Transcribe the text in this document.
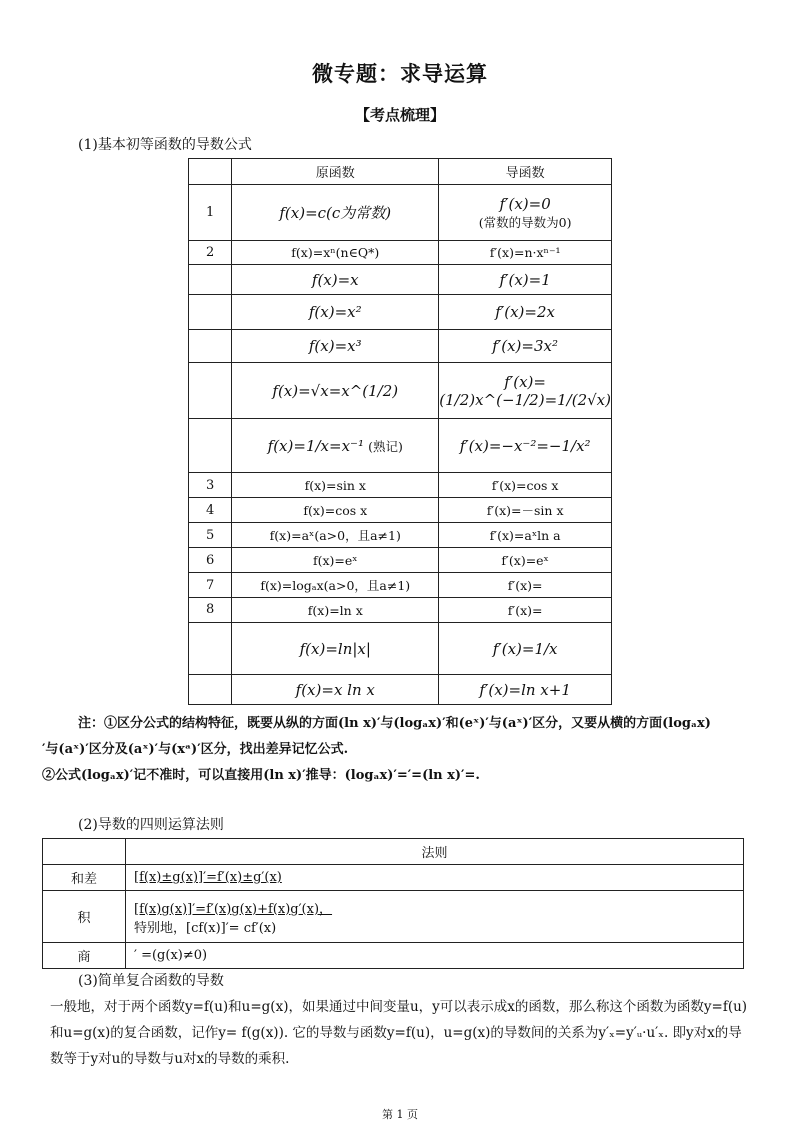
微专题：求导运算
【考点梳理】
(1)基本初等函数的导数公式
	原函数	导函数
1	f(x)=c(c为常数)	f′(x)=0
(常数的导数为0)

2	f(x)=xⁿ(n∈Q*)	f′(x)=n·xⁿ⁻¹
	f(x)=x	f′(x)=1
	f(x)=x²	f′(x)=2x
	f(x)=x³	f′(x)=3x²
	f(x)=√x=x^(1/2)	f′(x)=(1/2)x^(−1/2)=1/(2√x)
	f(x)=1/x=x⁻¹ (熟记)	f′(x)=−x⁻²=−1/x²
3	f(x)=sin x	f′(x)=cos x
4	f(x)=cos x	f′(x)=－sin x
5	f(x)=aˣ(a>0，且a≠1)	f′(x)=aˣln a
6	f(x)=eˣ	f′(x)=eˣ
7	f(x)=logₐx(a>0，且a≠1)	f′(x)=
8	f(x)=ln x	f′(x)=
	f(x)=ln|x|	f′(x)=1/x
	f(x)=x ln x	f′(x)=ln x+1
注：①区分公式的结构特征，既要从纵的方面(ln x)′与(logₐx)′和(eˣ)′与(aˣ)′区分，又要从横的方面(logₐx)
′与(aˣ)′区分及(aˣ)′与(xᵃ)′区分，找出差异记忆公式.
②公式(logₐx)′记不准时，可以直接用(ln x)′推导：(logₐx)′=′=(ln x)′=.
(2)导数的四则运算法则
	法则
和差	[f(x)±g(x)]′=f′(x)±g′(x)
积	[f(x)g(x)]′=f′(x)g(x)+f(x)g′(x)，
特别地，[cf(x)]′= cf′(x)

商	′ =(g(x)≠0)
(3)简单复合函数的导数
一般地，对于两个函数y=f(u)和u=g(x)，如果通过中间变量u，y可以表示成x的函数，那么称这个函数为函数y=f(u)和u=g(x)的复合函数，记作y= f(g(x)). 它的导数与函数y=f(u)，u=g(x)的导数间的关系为y′ₓ=y′ᵤ·u′ₓ. 即y对x的导数等于y对u的导数与u对x的导数的乘积.
第 1 页
